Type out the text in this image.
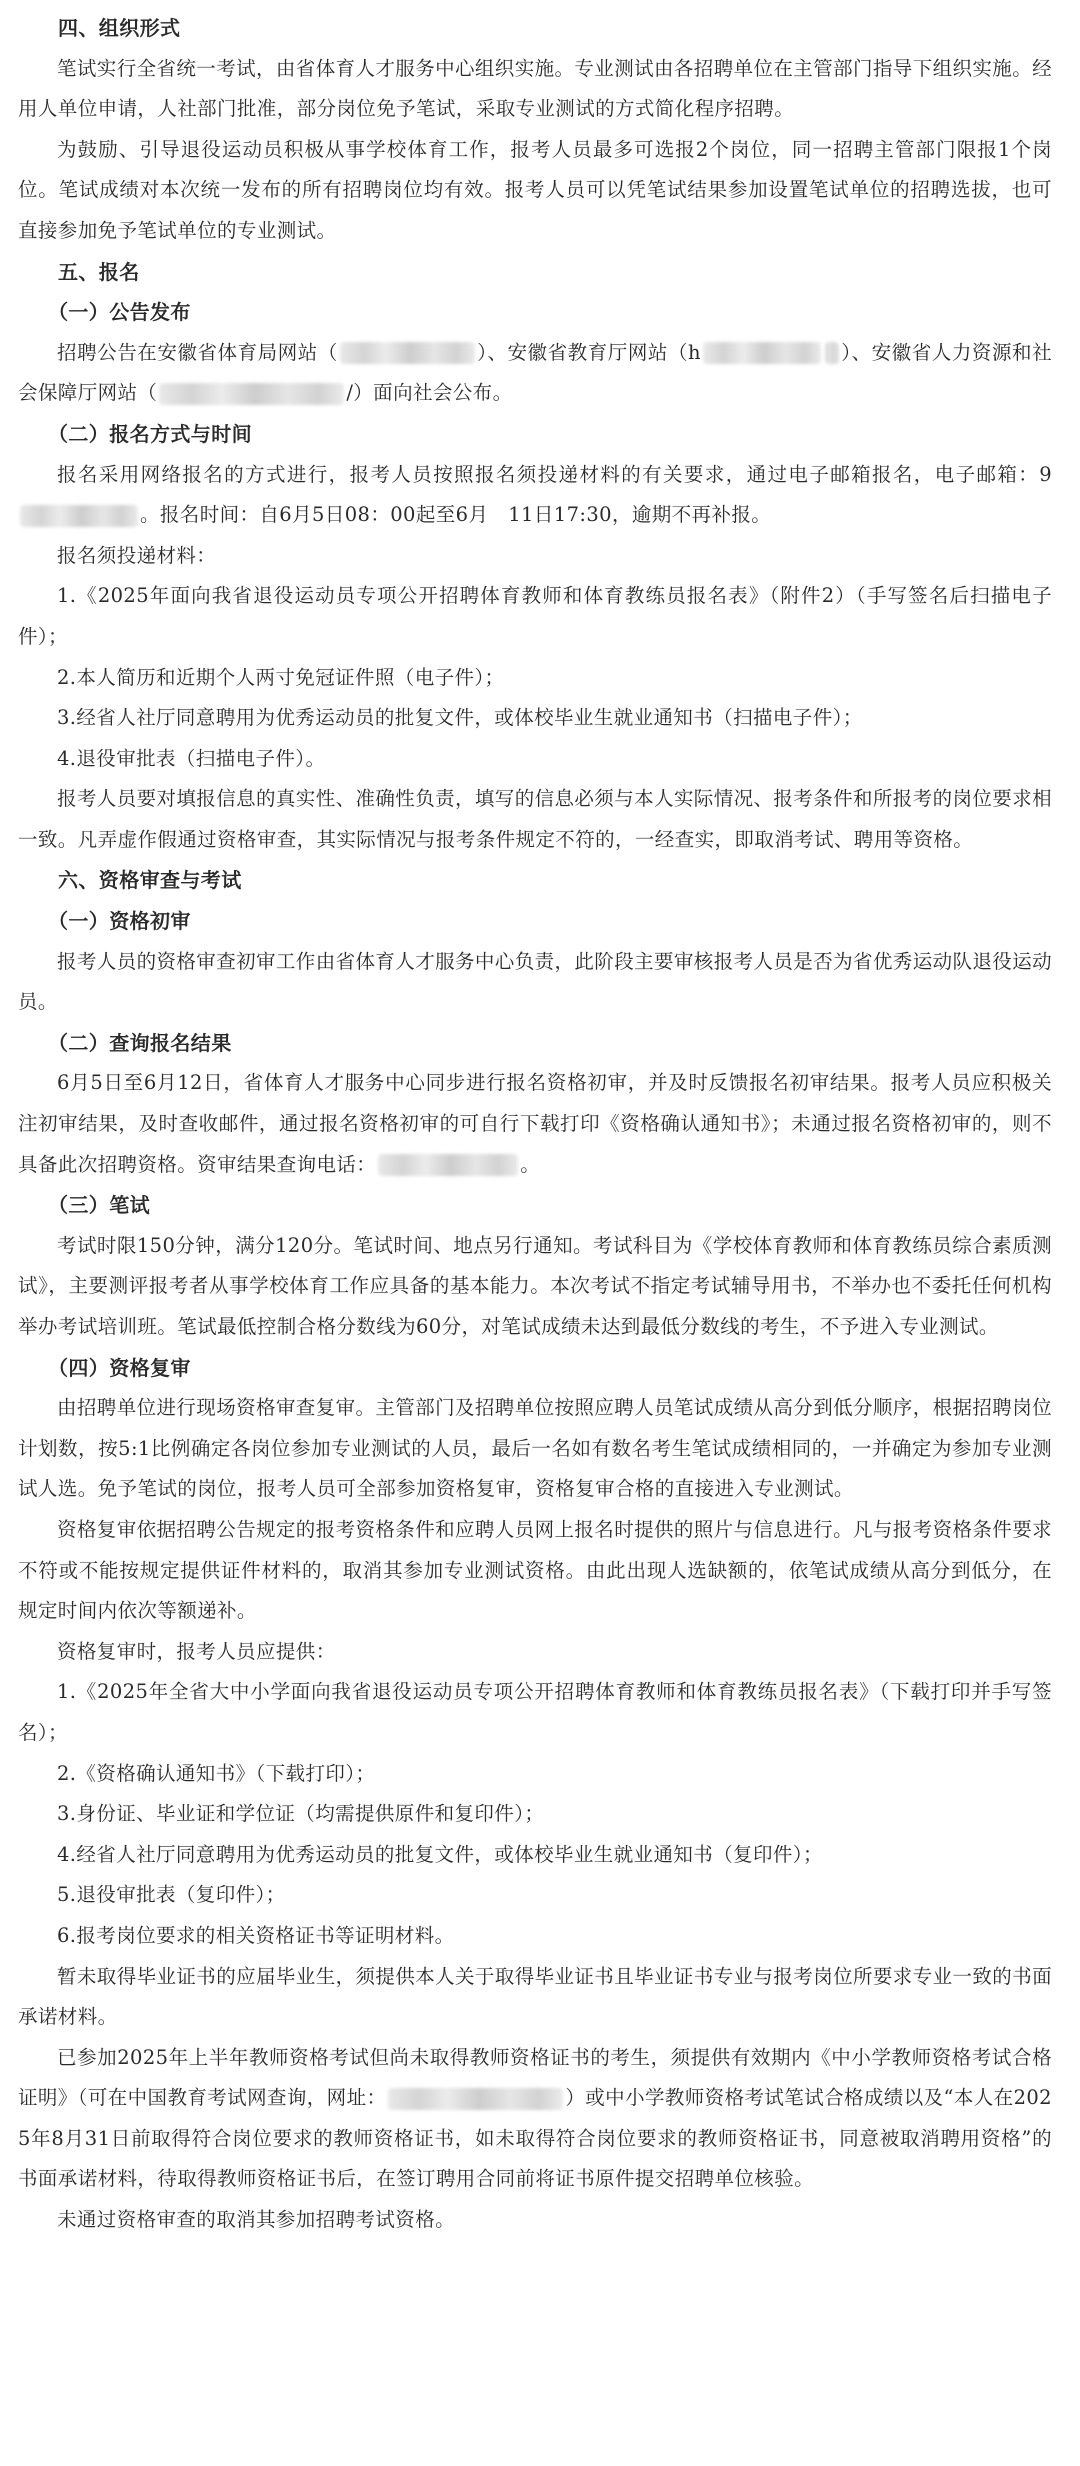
四、组织形式

笔试实行全省统一考试，由省体育人才服务中心组织实施。专业测试由各招聘单位在主管部门指导下组织实施。经用人单位申请，人社部门批准，部分岗位免予笔试，采取专业测试的方式简化程序招聘。

为鼓励、引导退役运动员积极从事学校体育工作，报考人员最多可选报2个岗位，同一招聘主管部门限报1个岗位。笔试成绩对本次统一发布的所有招聘岗位均有效。报考人员可以凭笔试结果参加设置笔试单位的招聘选拔，也可直接参加免予笔试单位的专业测试。

五、报名

（一）公告发布

招聘公告在安徽省体育局网站（	）、安徽省教育厅网站（h	）、安徽省人力资源和社会保障厅网站（	/）面向社会公布。

（二）报名方式与时间

报名采用网络报名的方式进行，报考人员按照报名须投递材料的有关要求，通过电子邮箱报名，电子邮箱：9。报名时间：自6月5日08：00起至6月　11日17:30，逾期不再补报。

报名须投递材料：

1.《2025年面向我省退役运动员专项公开招聘体育教师和体育教练员报名表》（附件2）（手写签名后扫描电子件）；

2.本人简历和近期个人两寸免冠证件照（电子件）；

3.经省人社厅同意聘用为优秀运动员的批复文件，或体校毕业生就业通知书（扫描电子件）；

4.退役审批表（扫描电子件）。

报考人员要对填报信息的真实性、准确性负责，填写的信息必须与本人实际情况、报考条件和所报考的岗位要求相一致。凡弄虚作假通过资格审查，其实际情况与报考条件规定不符的，一经查实，即取消考试、聘用等资格。

六、资格审查与考试

（一）资格初审

报考人员的资格审查初审工作由省体育人才服务中心负责，此阶段主要审核报考人员是否为省优秀运动队退役运动员。

（二）查询报名结果

6月5日至6月12日，省体育人才服务中心同步进行报名资格初审，并及时反馈报名初审结果。报考人员应积极关注初审结果，及时查收邮件，通过报名资格初审的可自行下载打印《资格确认通知书》；未通过报名资格初审的，则不具备此次招聘资格。资审结果查询电话：	。

（三）笔试

考试时限150分钟，满分120分。笔试时间、地点另行通知。考试科目为《学校体育教师和体育教练员综合素质测试》，主要测评报考者从事学校体育工作应具备的基本能力。本次考试不指定考试辅导用书，不举办也不委托任何机构举办考试培训班。笔试最低控制合格分数线为60分，对笔试成绩未达到最低分数线的考生，不予进入专业测试。

（四）资格复审

由招聘单位进行现场资格审查复审。主管部门及招聘单位按照应聘人员笔试成绩从高分到低分顺序，根据招聘岗位计划数，按5:1比例确定各岗位参加专业测试的人员，最后一名如有数名考生笔试成绩相同的，一并确定为参加专业测试人选。免予笔试的岗位，报考人员可全部参加资格复审，资格复审合格的直接进入专业测试。

资格复审依据招聘公告规定的报考资格条件和应聘人员网上报名时提供的照片与信息进行。凡与报考资格条件要求不符或不能按规定提供证件材料的，取消其参加专业测试资格。由此出现人选缺额的，依笔试成绩从高分到低分，在规定时间内依次等额递补。

资格复审时，报考人员应提供：

1.《2025年全省大中小学面向我省退役运动员专项公开招聘体育教师和体育教练员报名表》（下载打印并手写签名）；

2.《资格确认通知书》（下载打印）；

3.身份证、毕业证和学位证（均需提供原件和复印件）；

4.经省人社厅同意聘用为优秀运动员的批复文件，或体校毕业生就业通知书（复印件）；

5.退役审批表（复印件）；

6.报考岗位要求的相关资格证书等证明材料。

暂未取得毕业证书的应届毕业生，须提供本人关于取得毕业证书且毕业证书专业与报考岗位所要求专业一致的书面承诺材料。

已参加2025年上半年教师资格考试但尚未取得教师资格证书的考生，须提供有效期内《中小学教师资格考试合格证明》（可在中国教育考试网查询，网址：	）或中小学教师资格考试笔试合格成绩以及“本人在2025年8月31日前取得符合岗位要求的教师资格证书，如未取得符合岗位要求的教师资格证书，同意被取消聘用资格”的书面承诺材料，待取得教师资格证书后，在签订聘用合同前将证书原件提交招聘单位核验。

未通过资格审查的取消其参加招聘考试资格。
